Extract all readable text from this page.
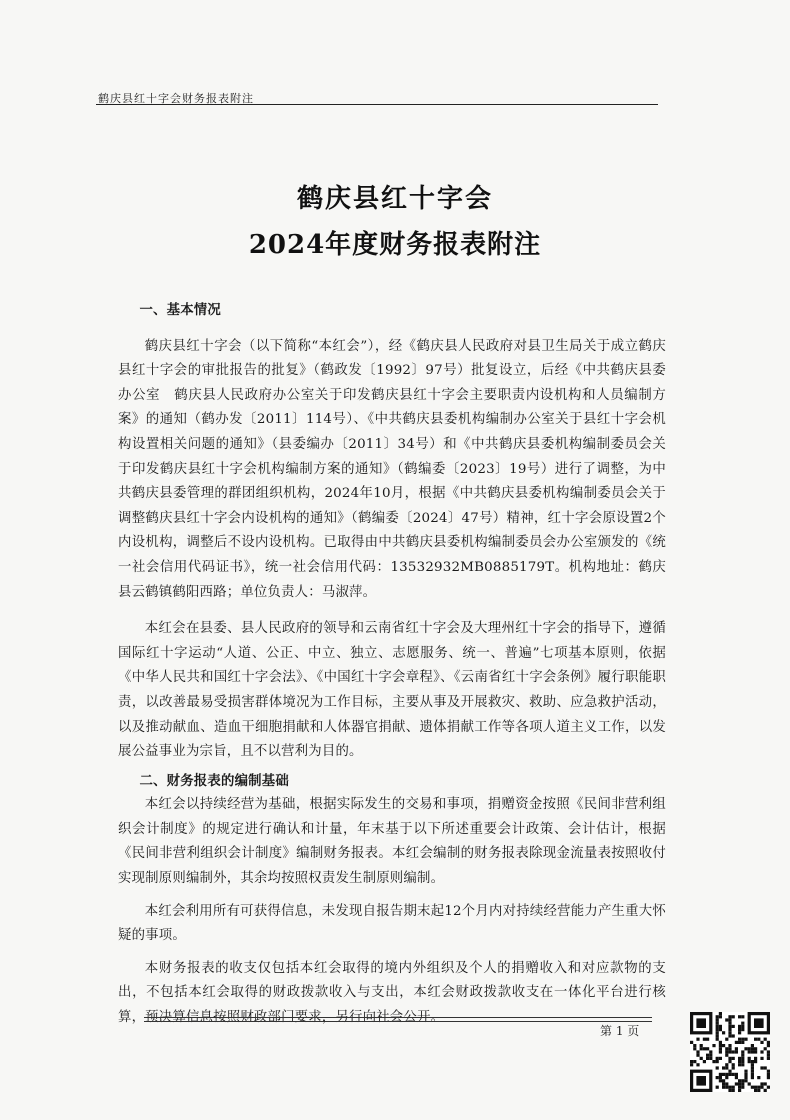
鹤庆县红十字会财务报表附注
鹤庆县红十字会
2024年度财务报表附注
一、基本情况

鹤庆县红十字会（以下简称“本红会”），经《鹤庆县人民政府对县卫生局关于成立鹤庆县红十字会的审批报告的批复》（鹤政发〔1992〕97号）批复设立，后经《中共鹤庆县委办公室　鹤庆县人民政府办公室关于印发鹤庆县红十字会主要职责内设机构和人员编制方案》的通知（鹤办发〔2011〕114号）、《中共鹤庆县委机构编制办公室关于县红十字会机构设置相关问题的通知》（县委编办〔2011〕34号）和《中共鹤庆县委机构编制委员会关于印发鹤庆县红十字会机构编制方案的通知》（鹤编委〔2023〕19号）进行了调整，为中共鹤庆县委管理的群团组织机构，2024年10月，根据《中共鹤庆县委机构编制委员会关于调整鹤庆县红十字会内设机构的通知》（鹤编委〔2024〕47号）精神，红十字会原设置2个内设机构，调整后不设内设机构。已取得由中共鹤庆县委机构编制委员会办公室颁发的《统一社会信用代码证书》，统一社会信用代码：13532932MB0885179T。机构地址：鹤庆县云鹤镇鹤阳西路；单位负责人：马淑萍。

本红会在县委、县人民政府的领导和云南省红十字会及大理州红十字会的指导下，遵循国际红十字运动“人道、公正、中立、独立、志愿服务、统一、普遍”七项基本原则，依据《中华人民共和国红十字会法》、《中国红十字会章程》、《云南省红十字会条例》履行职能职责，以改善最易受损害群体境况为工作目标，主要从事及开展救灾、救助、应急救护活动，以及推动献血、造血干细胞捐献和人体器官捐献、遗体捐献工作等各项人道主义工作，以发展公益事业为宗旨，且不以营利为目的。

二、财务报表的编制基础

本红会以持续经营为基础，根据实际发生的交易和事项，捐赠资金按照《民间非营利组织会计制度》的规定进行确认和计量，年末基于以下所述重要会计政策、会计估计，根据《民间非营利组织会计制度》编制财务报表。本红会编制的财务报表除现金流量表按照收付实现制原则编制外，其余均按照权责发生制原则编制。

本红会利用所有可获得信息，未发现自报告期末起12个月内对持续经营能力产生重大怀疑的事项。

本财务报表的收支仅包括本红会取得的境内外组织及个人的捐赠收入和对应款物的支出，不包括本红会取得的财政拨款收入与支出，本红会财政拨款收支在一体化平台进行核算，预决算信息按照财政部门要求，另行向社会公开。

第 1 页
